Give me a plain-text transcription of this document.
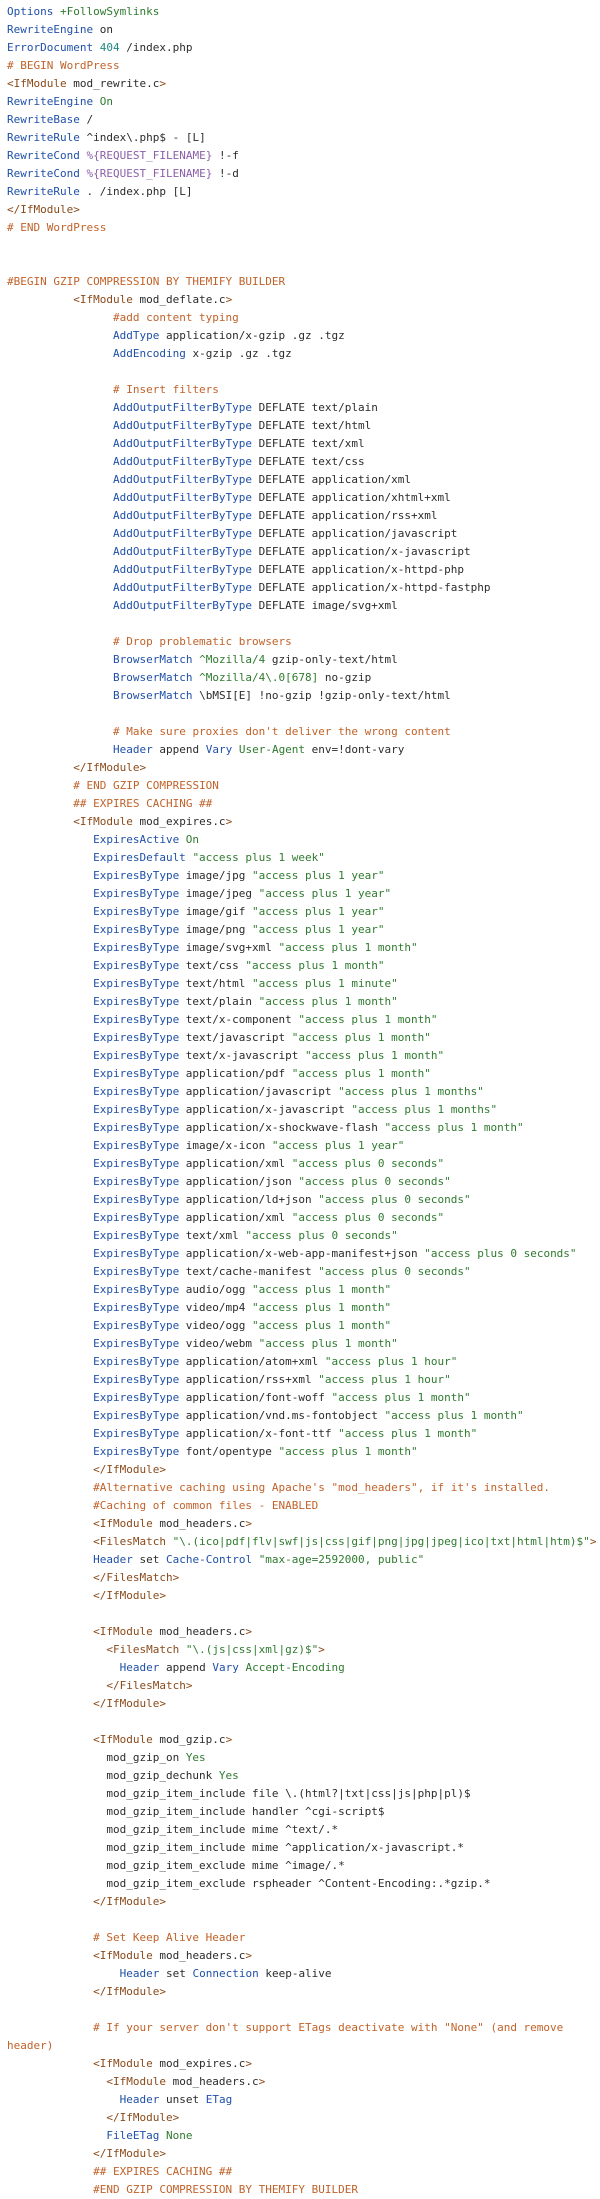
Options +FollowSymlinks
RewriteEngine on
ErrorDocument 404 /index.php
# BEGIN WordPress
<IfModule mod_rewrite.c>
RewriteEngine On
RewriteBase /
RewriteRule ^index\.php$ - [L]
RewriteCond %{REQUEST_FILENAME} !-f
RewriteCond %{REQUEST_FILENAME} !-d
RewriteRule . /index.php [L]
</IfModule>
# END WordPress

#BEGIN GZIP COMPRESSION BY THEMIFY BUILDER
<IfModule mod_deflate.c>
#add content typing
AddType application/x-gzip .gz .tgz
AddEncoding x-gzip .gz .tgz

# Insert filters
AddOutputFilterByType DEFLATE text/plain
AddOutputFilterByType DEFLATE text/html
AddOutputFilterByType DEFLATE text/xml
AddOutputFilterByType DEFLATE text/css
AddOutputFilterByType DEFLATE application/xml
AddOutputFilterByType DEFLATE application/xhtml+xml
AddOutputFilterByType DEFLATE application/rss+xml
AddOutputFilterByType DEFLATE application/javascript
AddOutputFilterByType DEFLATE application/x-javascript
AddOutputFilterByType DEFLATE application/x-httpd-php
AddOutputFilterByType DEFLATE application/x-httpd-fastphp
AddOutputFilterByType DEFLATE image/svg+xml

# Drop problematic browsers
BrowserMatch ^Mozilla/4 gzip-only-text/html
BrowserMatch ^Mozilla/4\.0[678] no-gzip
BrowserMatch \bMSI[E] !no-gzip !gzip-only-text/html

# Make sure proxies don't deliver the wrong content
Header append Vary User-Agent env=!dont-vary
</IfModule>
# END GZIP COMPRESSION
## EXPIRES CACHING ##
<IfModule mod_expires.c>
ExpiresActive On
ExpiresDefault "access plus 1 week"
ExpiresByType image/jpg "access plus 1 year"
ExpiresByType image/jpeg "access plus 1 year"
ExpiresByType image/gif "access plus 1 year"
ExpiresByType image/png "access plus 1 year"
ExpiresByType image/svg+xml "access plus 1 month"
ExpiresByType text/css "access plus 1 month"
ExpiresByType text/html "access plus 1 minute"
ExpiresByType text/plain "access plus 1 month"
ExpiresByType text/x-component "access plus 1 month"
ExpiresByType text/javascript "access plus 1 month"
ExpiresByType text/x-javascript "access plus 1 month"
ExpiresByType application/pdf "access plus 1 month"
ExpiresByType application/javascript "access plus 1 months"
ExpiresByType application/x-javascript "access plus 1 months"
ExpiresByType application/x-shockwave-flash "access plus 1 month"
ExpiresByType image/x-icon "access plus 1 year"
ExpiresByType application/xml "access plus 0 seconds"
ExpiresByType application/json "access plus 0 seconds"
ExpiresByType application/ld+json "access plus 0 seconds"
ExpiresByType application/xml "access plus 0 seconds"
ExpiresByType text/xml "access plus 0 seconds"
ExpiresByType application/x-web-app-manifest+json "access plus 0 seconds"
ExpiresByType text/cache-manifest "access plus 0 seconds"
ExpiresByType audio/ogg "access plus 1 month"
ExpiresByType video/mp4 "access plus 1 month"
ExpiresByType video/ogg "access plus 1 month"
ExpiresByType video/webm "access plus 1 month"
ExpiresByType application/atom+xml "access plus 1 hour"
ExpiresByType application/rss+xml "access plus 1 hour"
ExpiresByType application/font-woff "access plus 1 month"
ExpiresByType application/vnd.ms-fontobject "access plus 1 month"
ExpiresByType application/x-font-ttf "access plus 1 month"
ExpiresByType font/opentype "access plus 1 month"
</IfModule>
#Alternative caching using Apache's "mod_headers", if it's installed.
#Caching of common files - ENABLED
<IfModule mod_headers.c>
<FilesMatch "\.(ico|pdf|flv|swf|js|css|gif|png|jpg|jpeg|ico|txt|html|htm)$">
Header set Cache-Control "max-age=2592000, public"
</FilesMatch>
</IfModule>

<IfModule mod_headers.c>
<FilesMatch "\.(js|css|xml|gz)$">
Header append Vary Accept-Encoding
</FilesMatch>
</IfModule>

<IfModule mod_gzip.c>
mod_gzip_on Yes
mod_gzip_dechunk Yes
mod_gzip_item_include file \.(html?|txt|css|js|php|pl)$
mod_gzip_item_include handler ^cgi-script$
mod_gzip_item_include mime ^text/.*
mod_gzip_item_include mime ^application/x-javascript.*
mod_gzip_item_exclude mime ^image/.*
mod_gzip_item_exclude rspheader ^Content-Encoding:.*gzip.*
</IfModule>

# Set Keep Alive Header
<IfModule mod_headers.c>
Header set Connection keep-alive
</IfModule>

# If your server don't support ETags deactivate with "None" (and remove
header)
<IfModule mod_expires.c>
<IfModule mod_headers.c>
Header unset ETag
</IfModule>
FileETag None
</IfModule>
## EXPIRES CACHING ##
#END GZIP COMPRESSION BY THEMIFY BUILDER
